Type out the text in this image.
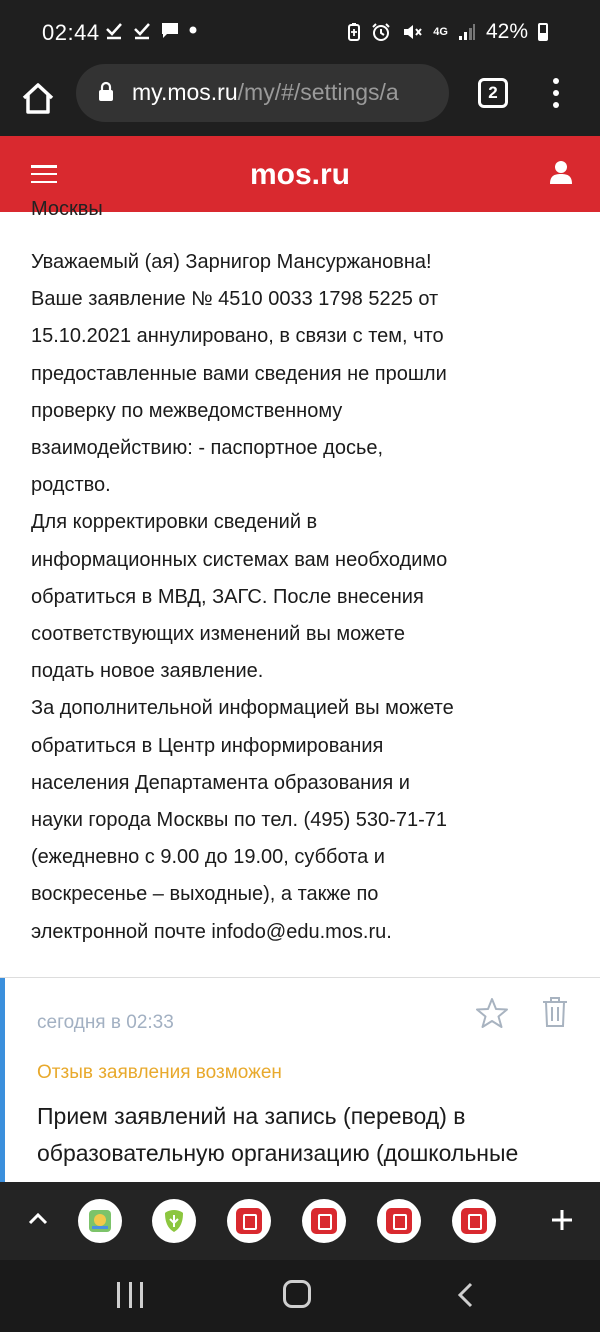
02:44	4G 42%
my.mos.ru/my/#/settings/a	2
mos.ru
Москвы

Уважаемый (ая) Зарнигор Мансуржановна!

Ваше заявление № 4510 0033 1798 5225 от

15.10.2021 аннулировано, в связи с тем, что

предоставленные вами сведения не прошли

проверку по межведомственному

взаимодействию: - паспортное досье,

родство.

Для корректировки сведений в

информационных системах вам необходимо

обратиться в МВД, ЗАГС. После внесения

соответствующих изменений вы можете

подать новое заявление.

За дополнительной информацией вы можете

обратиться в Центр информирования

населения Департамента образования и

науки города Москвы по тел. (495) 530-71-71

(ежедневно с 9.00 до 19.00, суббота и

воскресенье – выходные), а также по

электронной почте infodo@edu.mos.ru.

сегодня в 02:33
Отзыв заявления возможен
Прием заявлений на запись (перевод) в
образовательную организацию (дошкольные
